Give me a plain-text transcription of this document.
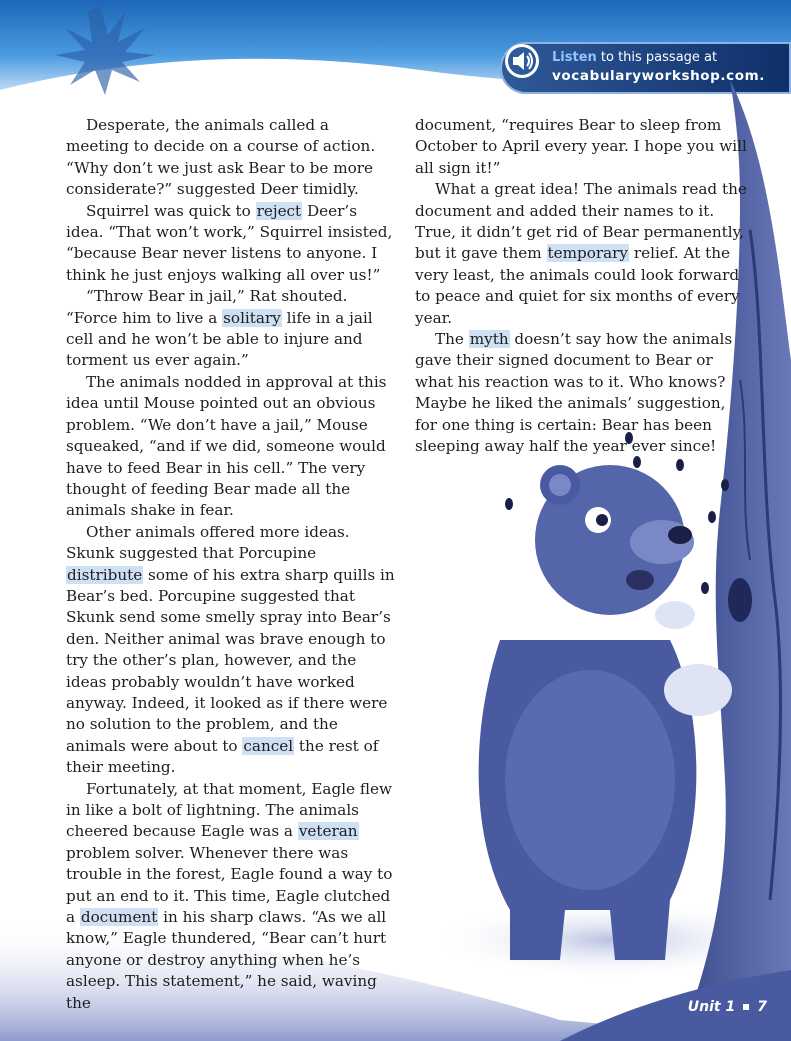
Listen to this passage at
vocabularyworkshop.com.

Desperate, the animals called a meeting to decide on a course of action. “Why don’t we just ask Bear to be more considerate?” suggested Deer timidly.

Squirrel was quick to reject Deer’s idea. “That won’t work,” Squirrel insisted, “because Bear never listens to anyone. I think he just enjoys walking all over us!”

“Throw Bear in jail,” Rat shouted. “Force him to live a solitary life in a jail cell and he won’t be able to injure and torment us ever again.”

The animals nodded in approval at this idea until Mouse pointed out an obvious problem. “We don’t have a jail,” Mouse squeaked, “and if we did, someone would have to feed Bear in his cell.” The very thought of feeding Bear made all the animals shake in fear.

Other animals offered more ideas. Skunk suggested that Porcupine distribute some of his extra sharp quills in Bear’s bed. Porcupine suggested that Skunk send some smelly spray into Bear’s den. Neither animal was brave enough to try the other’s plan, however, and the ideas probably wouldn’t have worked anyway. Indeed, it looked as if there were no solution to the problem, and the animals were about to cancel the rest of their meeting.

Fortunately, at that moment, Eagle flew in like a bolt of lightning. The animals cheered because Eagle was a veteran problem solver. Whenever there was trouble in the forest, Eagle found a way to put an end to it. This time, Eagle clutched a document in his sharp claws. “As we all know,” Eagle thundered, “Bear can’t hurt anyone or destroy anything when he’s asleep. This statement,” he said, waving the

document, “requires Bear to sleep from October to April every year. I hope you will all sign it!”

What a great idea! The animals read the document and added their names to it. True, it didn’t get rid of Bear permanently, but it gave them temporary relief. At the very least, the animals could look forward to peace and quiet for six months of every year.

The myth doesn’t say how the animals gave their signed document to Bear or what his reaction was to it. Who knows? Maybe he liked the animals’ suggestion, for one thing is certain: Bear has been sleeping away half the year ever since!

Unit 1 7
